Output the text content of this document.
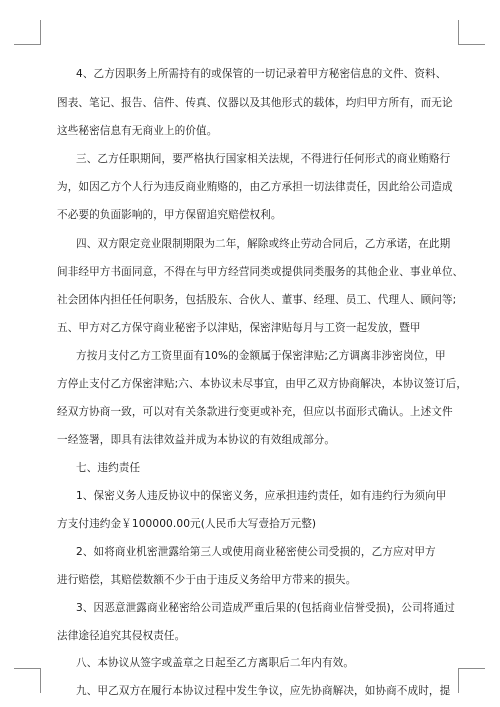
4、乙方因职务上所需持有的或保管的一切记录着甲方秘密信息的文件、资料、
图表、笔记、报告、信件、传真、仪器以及其他形式的载体，均归甲方所有，而无论
这些秘密信息有无商业上的价值。
三、乙方任职期间，要严格执行国家相关法规，不得进行任何形式的商业贿赂行
为，如因乙方个人行为违反商业贿赂的，由乙方承担一切法律责任，因此给公司造成
不必要的负面影响的，甲方保留追究赔偿权利。
四、双方限定竞业限制期限为二年，解除或终止劳动合同后，乙方承诺，在此期
间非经甲方书面同意，不得在与甲方经营同类或提供同类服务的其他企业、事业单位、
社会团体内担任任何职务，包括股东、合伙人、董事、经理、员工、代理人、顾问等;
五、甲方对乙方保守商业秘密予以津贴，保密津贴每月与工资一起发放，暨甲
方按月支付乙方工资里面有10%的金额属于保密津贴;乙方调离非涉密岗位，甲
方停止支付乙方保密津贴;六、本协议未尽事宜，由甲乙双方协商解决，本协议签订后，
经双方协商一致，可以对有关条款进行变更或补充，但应以书面形式确认。上述文件
一经签署，即具有法律效益并成为本协议的有效组成部分。
七、违约责任
1、保密义务人违反协议中的保密义务，应承担违约责任，如有违约行为须向甲
方支付违约金￥100000.00元(人民币大写壹拾万元整)
2、如将商业机密泄露给第三人或使用商业秘密使公司受损的，乙方应对甲方
进行赔偿，其赔偿数额不少于由于违反义务给甲方带来的损失。
3、因恶意泄露商业秘密给公司造成严重后果的(包括商业信誉受损)，公司将通过
法律途径追究其侵权责任。
八、本协议从签字或盖章之日起至乙方离职后二年内有效。
九、甲乙双方在履行本协议过程中发生争议，应先协商解决，如协商不成时，提
